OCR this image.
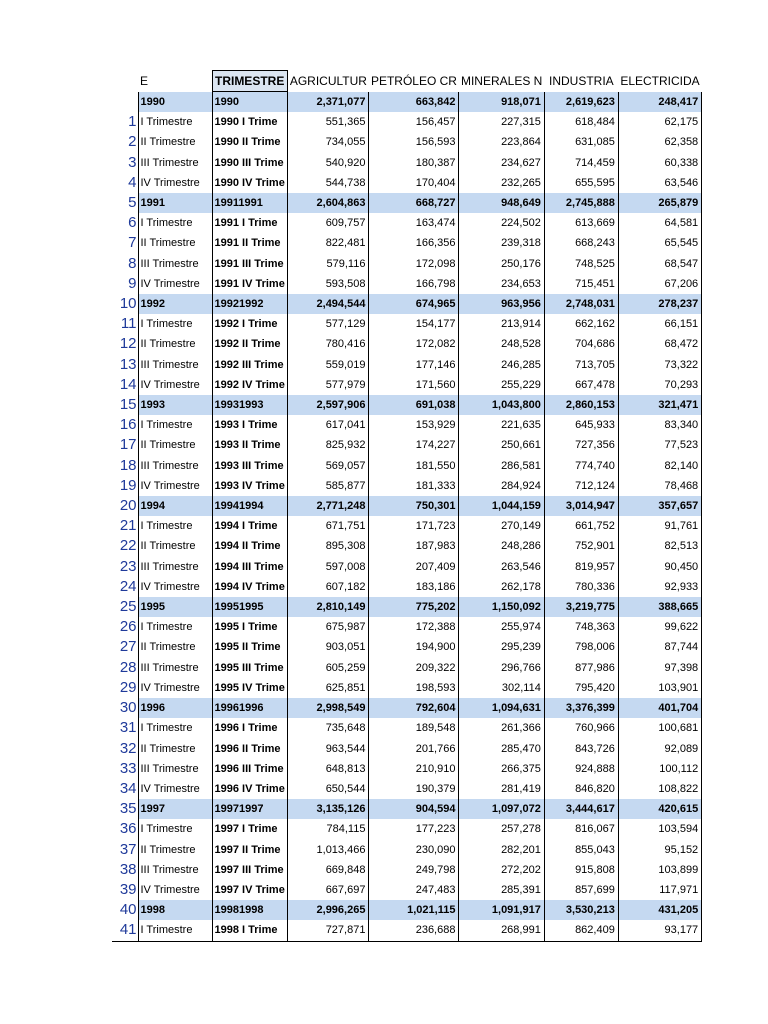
	E	TRIMESTRE	AGRICULTUR	PETRÓLEO CR	MINERALES N	INDUSTRIA	ELECTRICIDA
	1990	1990	2,371,077	663,842	918,071	2,619,623	248,417
1	I Trimestre	1990 I Trime	551,365	156,457	227,315	618,484	62,175
2	II Trimestre	1990 II Trime	734,055	156,593	223,864	631,085	62,358
3	III Trimestre	1990 III Trime	540,920	180,387	234,627	714,459	60,338
4	IV Trimestre	1990 IV Trime	544,738	170,404	232,265	655,595	63,546
5	1991	19911991	2,604,863	668,727	948,649	2,745,888	265,879
6	I Trimestre	1991 I Trime	609,757	163,474	224,502	613,669	64,581
7	II Trimestre	1991 II Trime	822,481	166,356	239,318	668,243	65,545
8	III Trimestre	1991 III Trime	579,116	172,098	250,176	748,525	68,547
9	IV Trimestre	1991 IV Trime	593,508	166,798	234,653	715,451	67,206
10	1992	19921992	2,494,544	674,965	963,956	2,748,031	278,237
11	I Trimestre	1992 I Trime	577,129	154,177	213,914	662,162	66,151
12	II Trimestre	1992 II Trime	780,416	172,082	248,528	704,686	68,472
13	III Trimestre	1992 III Trime	559,019	177,146	246,285	713,705	73,322
14	IV Trimestre	1992 IV Trime	577,979	171,560	255,229	667,478	70,293
15	1993	19931993	2,597,906	691,038	1,043,800	2,860,153	321,471
16	I Trimestre	1993 I Trime	617,041	153,929	221,635	645,933	83,340
17	II Trimestre	1993 II Trime	825,932	174,227	250,661	727,356	77,523
18	III Trimestre	1993 III Trime	569,057	181,550	286,581	774,740	82,140
19	IV Trimestre	1993 IV Trime	585,877	181,333	284,924	712,124	78,468
20	1994	19941994	2,771,248	750,301	1,044,159	3,014,947	357,657
21	I Trimestre	1994 I Trime	671,751	171,723	270,149	661,752	91,761
22	II Trimestre	1994 II Trime	895,308	187,983	248,286	752,901	82,513
23	III Trimestre	1994 III Trime	597,008	207,409	263,546	819,957	90,450
24	IV Trimestre	1994 IV Trime	607,182	183,186	262,178	780,336	92,933
25	1995	19951995	2,810,149	775,202	1,150,092	3,219,775	388,665
26	I Trimestre	1995 I Trime	675,987	172,388	255,974	748,363	99,622
27	II Trimestre	1995 II Trime	903,051	194,900	295,239	798,006	87,744
28	III Trimestre	1995 III Trime	605,259	209,322	296,766	877,986	97,398
29	IV Trimestre	1995 IV Trime	625,851	198,593	302,114	795,420	103,901
30	1996	19961996	2,998,549	792,604	1,094,631	3,376,399	401,704
31	I Trimestre	1996 I Trime	735,648	189,548	261,366	760,966	100,681
32	II Trimestre	1996 II Trime	963,544	201,766	285,470	843,726	92,089
33	III Trimestre	1996 III Trime	648,813	210,910	266,375	924,888	100,112
34	IV Trimestre	1996 IV Trime	650,544	190,379	281,419	846,820	108,822
35	1997	19971997	3,135,126	904,594	1,097,072	3,444,617	420,615
36	I Trimestre	1997 I Trime	784,115	177,223	257,278	816,067	103,594
37	II Trimestre	1997 II Trime	1,013,466	230,090	282,201	855,043	95,152
38	III Trimestre	1997 III Trime	669,848	249,798	272,202	915,808	103,899
39	IV Trimestre	1997 IV Trime	667,697	247,483	285,391	857,699	117,971
40	1998	19981998	2,996,265	1,021,115	1,091,917	3,530,213	431,205
41	I Trimestre	1998 I Trime	727,871	236,688	268,991	862,409	93,177
